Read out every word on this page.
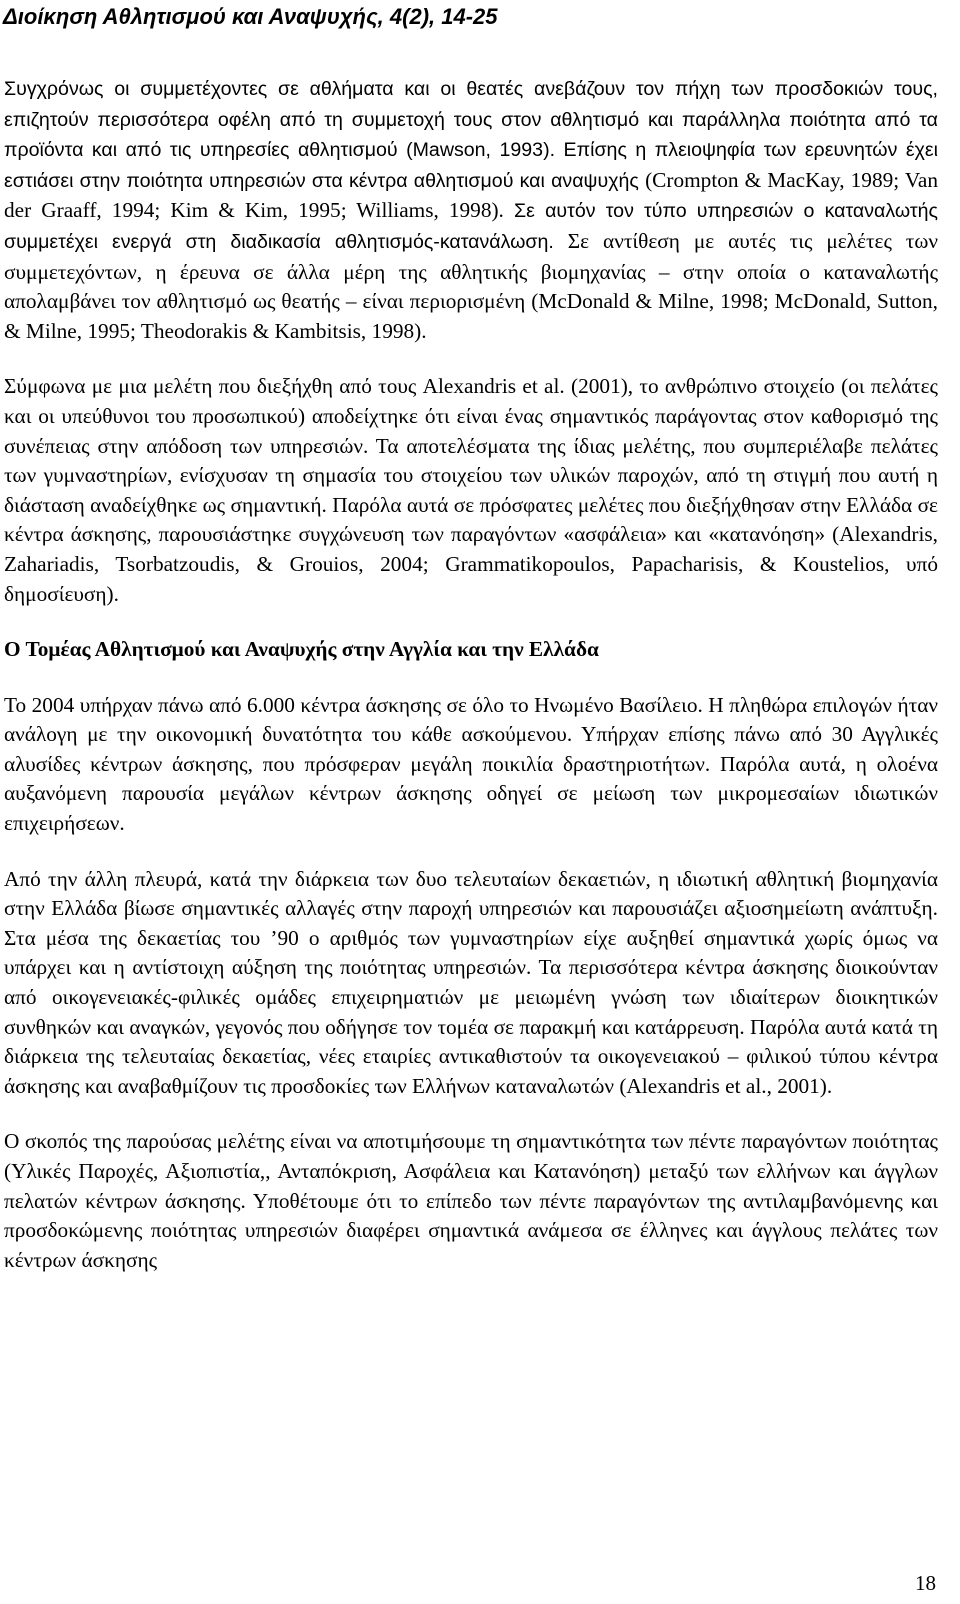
Διοίκηση Αθλητισμού και Αναψυχής, 4(2), 14-25

Συγχρόνως οι συμμετέχοντες σε αθλήματα και οι θεατές ανεβάζουν τον πήχη των προσδοκιών τους, επιζητούν περισσότερα οφέλη από τη συμμετοχή τους στον αθλητισμό και παράλληλα ποιότητα από τα προϊόντα και από τις υπηρεσίες αθλητισμού (Mawson, 1993). Επίσης η πλειοψηφία των ερευνητών έχει εστιάσει στην ποιότητα υπηρεσιών στα κέντρα αθλητισμού και αναψυχής (Crompton & MacKay, 1989; Van der Graaff, 1994; Kim & Kim, 1995; Williams, 1998). Σε αυτόν τον τύπο υπηρεσιών ο καταναλωτής συμμετέχει ενεργά στη διαδικασία αθλητισμός-κατανάλωση. Σε αντίθεση με αυτές τις μελέτες των συμμετεχόντων, η έρευνα σε άλλα μέρη της αθλητικής βιομηχανίας – στην οποία ο καταναλωτής απολαμβάνει τον αθλητισμό ως θεατής – είναι περιορισμένη (McDonald & Milne, 1998; McDonald, Sutton, & Milne, 1995; Theodorakis & Kambitsis, 1998).

Σύμφωνα με μια μελέτη που διεξήχθη από τους Alexandris et al. (2001), το ανθρώπινο στοιχείο (οι πελάτες και οι υπεύθυνοι του προσωπικού) αποδείχτηκε ότι είναι ένας σημαντικός παράγοντας στον καθορισμό της συνέπειας στην απόδοση των υπηρεσιών. Τα αποτελέσματα της ίδιας μελέτης, που συμπεριέλαβε πελάτες των γυμναστηρίων, ενίσχυσαν τη σημασία του στοιχείου των υλικών παροχών, από τη στιγμή που αυτή η διάσταση αναδείχθηκε ως σημαντική. Παρόλα αυτά σε πρόσφατες μελέτες που διεξήχθησαν στην Ελλάδα σε κέντρα άσκησης, παρουσιάστηκε συγχώνευση των παραγόντων «ασφάλεια» και «κατανόηση» (Alexandris, Zahariadis, Tsorbatzoudis, & Grouios, 2004; Grammatikopoulos, Papacharisis, & Koustelios, υπό δημοσίευση).

Ο Τομέας Αθλητισμού και Αναψυχής στην Αγγλία και την Ελλάδα

Το 2004 υπήρχαν πάνω από 6.000 κέντρα άσκησης σε όλο το Ηνωμένο Βασίλειο. Η πληθώρα επιλογών ήταν ανάλογη με την οικονομική δυνατότητα του κάθε ασκούμενου. Υπήρχαν επίσης πάνω από 30 Αγγλικές αλυσίδες κέντρων άσκησης, που πρόσφεραν μεγάλη ποικιλία δραστηριοτήτων. Παρόλα αυτά, η ολοένα αυξανόμενη παρουσία μεγάλων κέντρων άσκησης οδηγεί σε μείωση των μικρομεσαίων ιδιωτικών επιχειρήσεων.

Από την άλλη πλευρά, κατά την διάρκεια των δυο τελευταίων δεκαετιών, η ιδιωτική αθλητική βιομηχανία στην Ελλάδα βίωσε σημαντικές αλλαγές στην παροχή υπηρεσιών και παρουσιάζει αξιοσημείωτη ανάπτυξη. Στα μέσα της δεκαετίας του ’90 ο αριθμός των γυμναστηρίων είχε αυξηθεί σημαντικά χωρίς όμως να υπάρχει και η αντίστοιχη αύξηση της ποιότητας υπηρεσιών. Τα περισσότερα κέντρα άσκησης διοικούνταν από οικογενειακές-φιλικές ομάδες επιχειρηματιών με μειωμένη γνώση των ιδιαίτερων διοικητικών συνθηκών και αναγκών, γεγονός που οδήγησε τον τομέα σε παρακμή και κατάρρευση. Παρόλα αυτά κατά τη διάρκεια της τελευταίας δεκαετίας, νέες εταιρίες αντικαθιστούν τα οικογενειακού – φιλικού τύπου κέντρα άσκησης και αναβαθμίζουν τις προσδοκίες των Ελλήνων καταναλωτών (Alexandris et al., 2001).

Ο σκοπός της παρούσας μελέτης είναι να αποτιμήσουμε τη σημαντικότητα των πέντε παραγόντων ποιότητας (Υλικές Παροχές, Αξιοπιστία,, Ανταπόκριση, Ασφάλεια και Κατανόηση) μεταξύ των ελλήνων και άγγλων πελατών κέντρων άσκησης. Υποθέτουμε ότι το επίπεδο των πέντε παραγόντων της αντιλαμβανόμενης και προσδοκώμενης ποιότητας υπηρεσιών διαφέρει σημαντικά ανάμεσα σε έλληνες και άγγλους πελάτες των κέντρων άσκησης

18
